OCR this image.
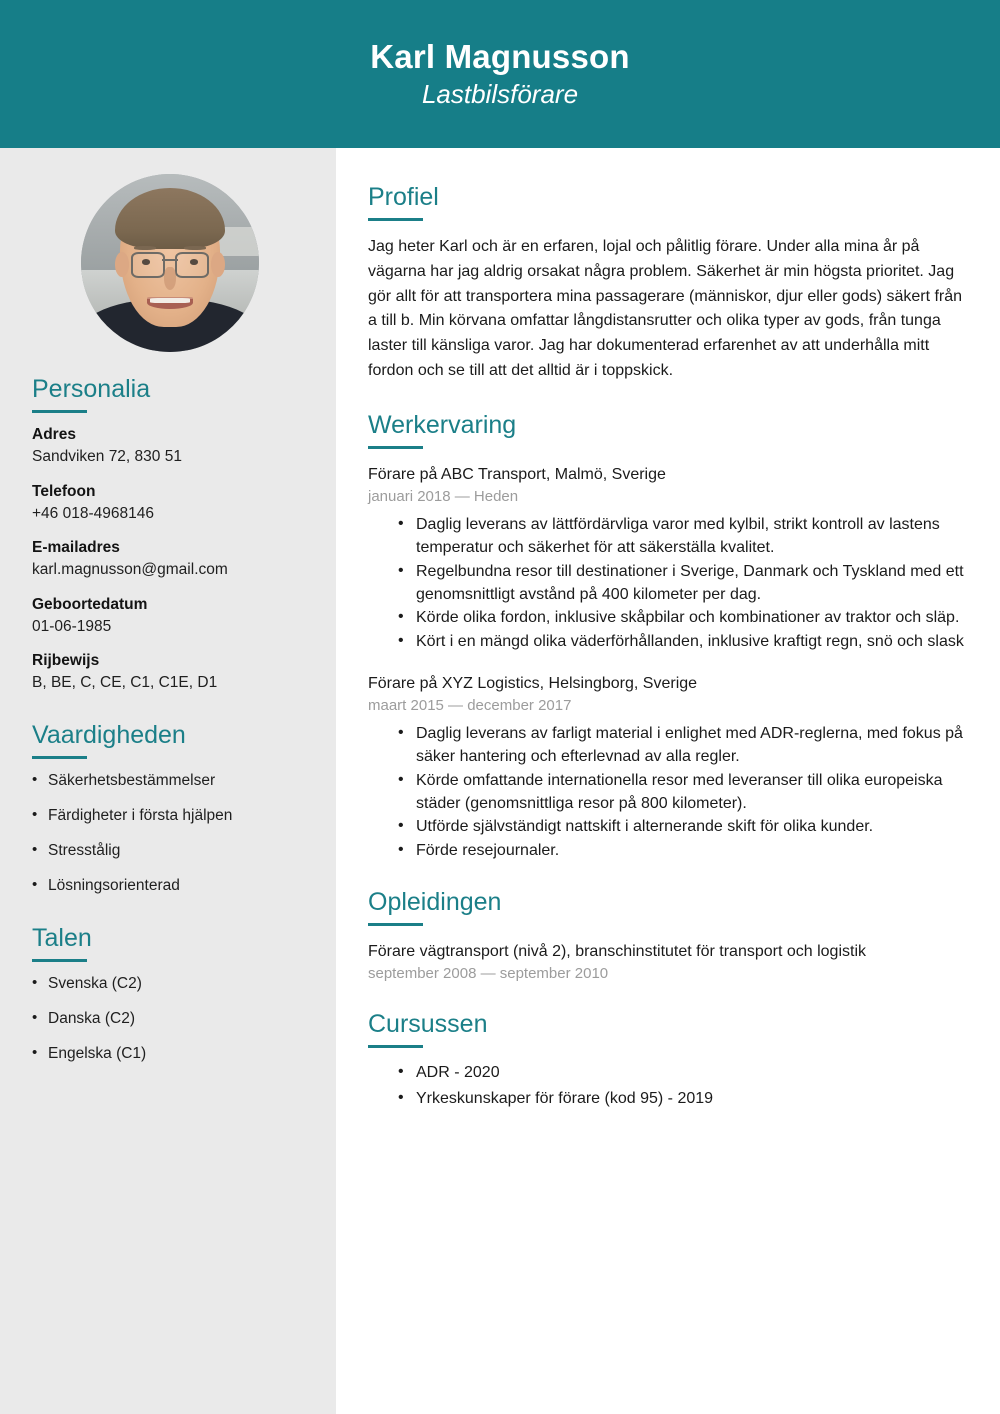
Karl Magnusson
Lastbilsförare
Personalia
Adres
Sandviken 72, 830 51
Telefoon
+46 018-4968146
E-mailadres
karl.magnusson@gmail.com
Geboortedatum
01-06-1985
Rijbewijs
B, BE, C, CE, C1, C1E, D1
Vaardigheden
• Säkerhetsbestämmelser
• Färdigheter i första hjälpen
• Stresstålig
• Lösningsorienterad
Talen
• Svenska (C2)
• Danska (C2)
• Engelska (C1)
Profiel

Jag heter Karl och är en erfaren, lojal och pålitlig förare. Under alla mina år på vägarna har jag aldrig orsakat några problem. Säkerhet är min högsta prioritet. Jag gör allt för att transportera mina passagerare (människor, djur eller gods) säkert från a till b. Min körvana omfattar långdistansrutter och olika typer av gods, från tunga laster till känsliga varor. Jag har dokumenterad erfarenhet av att underhålla mitt fordon och se till att det alltid är i toppskick.

Werkervaring

Förare på ABC Transport, Malmö, Sverige

januari 2018 — Heden

• Daglig leverans av lättfördärvliga varor med kylbil, strikt kontroll av lastens temperatur och säkerhet för att säkerställa kvalitet.
• Regelbundna resor till destinationer i Sverige, Danmark och Tyskland med ett genomsnittligt avstånd på 400 kilometer per dag.
• Körde olika fordon, inklusive skåpbilar och kombinationer av traktor och släp.
• Kört i en mängd olika väderförhållanden, inklusive kraftigt regn, snö och slask

Förare på XYZ Logistics, Helsingborg, Sverige

maart 2015 — december 2017

• Daglig leverans av farligt material i enlighet med ADR-reglerna, med fokus på säker hantering och efterlevnad av alla regler.
• Körde omfattande internationella resor med leveranser till olika europeiska städer (genomsnittliga resor på 800 kilometer).
• Utförde självständigt nattskift i alternerande skift för olika kunder.
• Förde resejournaler.
Opleidingen

Förare vägtransport (nivå 2), branschinstitutet för transport och logistik

september 2008 — september 2010

Cursussen
• ADR - 2020
• Yrkeskunskaper för förare (kod 95) - 2019
